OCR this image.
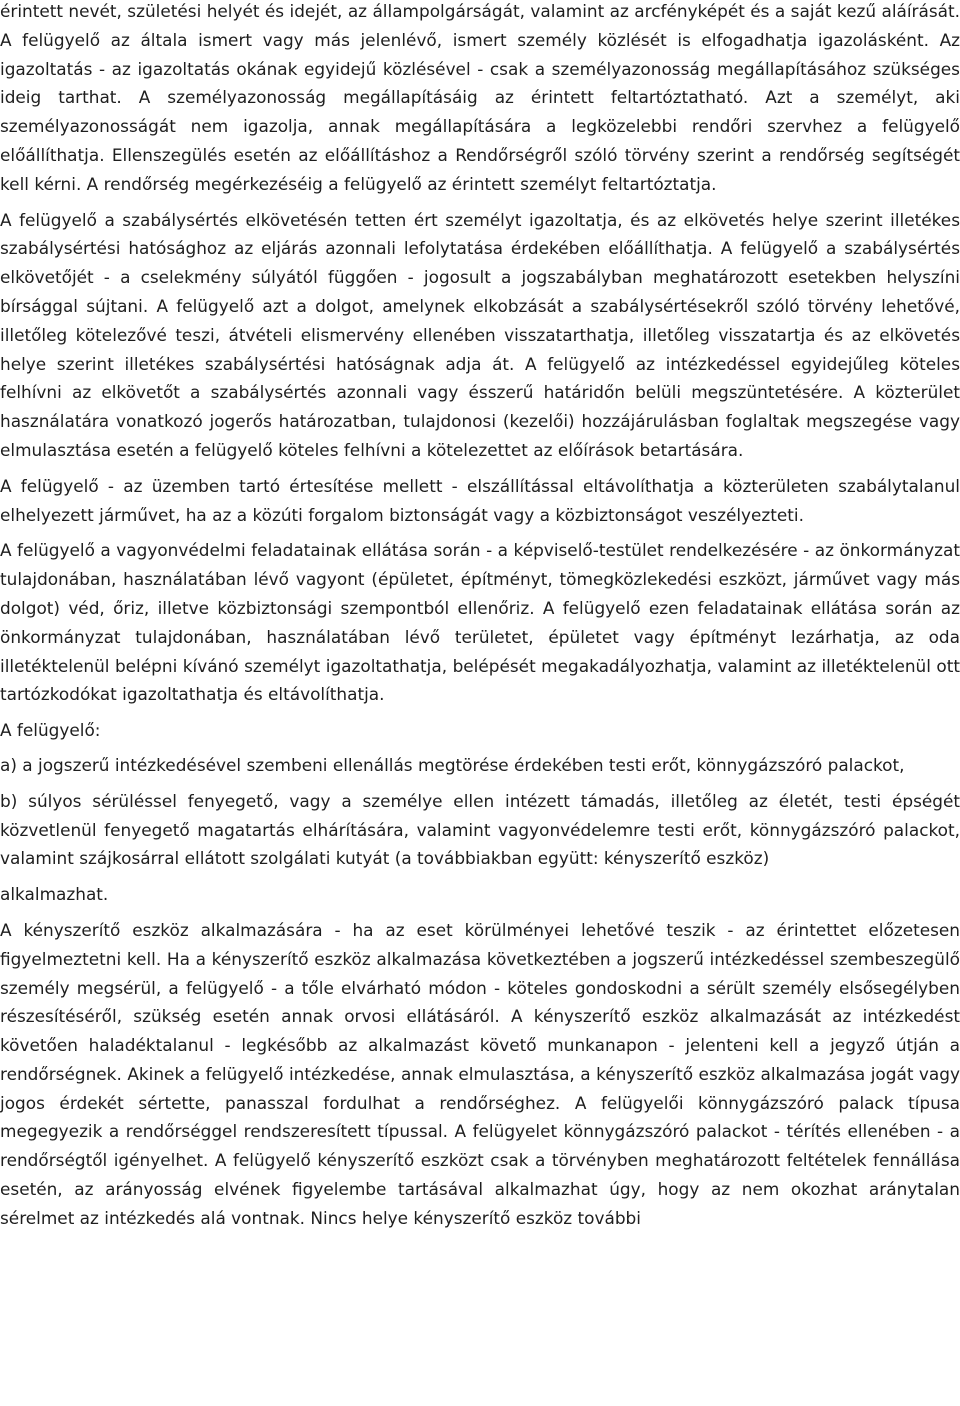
érintett nevét, születési helyét és idejét, az állampolgárságát, valamint az arcfényképét és a saját kezű aláírását. A felügyelő az általa ismert vagy más jelenlévő, ismert személy közlését is elfogadhatja igazolásként. Az igazoltatás - az igazoltatás okának egyidejű közlésével - csak a személyazonosság megállapításához szükséges ideig tarthat. A személyazonosság megállapításáig az érintett feltartóztatható. Azt a személyt, aki személyazonosságát nem igazolja, annak megállapítására a legközelebbi rendőri szervhez a felügyelő előállíthatja. Ellenszegülés esetén az előállításhoz a Rendőrségről szóló törvény szerint a rendőrség segítségét kell kérni. A rendőrség megérkezéséig a felügyelő az érintett személyt feltartóztatja.

A felügyelő a szabálysértés elkövetésén tetten ért személyt igazoltatja, és az elkövetés helye szerint illetékes szabálysértési hatósághoz az eljárás azonnali lefolytatása érdekében előállíthatja. A felügyelő a szabálysértés elkövetőjét - a cselekmény súlyától függően - jogosult a jogszabályban meghatározott esetekben helyszíni bírsággal sújtani. A felügyelő azt a dolgot, amelynek elkobzását a szabálysértésekről szóló törvény lehetővé, illetőleg kötelezővé teszi, átvételi elismervény ellenében visszatarthatja, illetőleg visszatartja és az elkövetés helye szerint illetékes szabálysértési hatóságnak adja át. A felügyelő az intézkedéssel egyidejűleg köteles felhívni az elkövetőt a szabálysértés azonnali vagy ésszerű határidőn belüli megszüntetésére. A közterület használatára vonatkozó jogerős határozatban, tulajdonosi (kezelői) hozzájárulásban foglaltak megszegése vagy elmulasztása esetén a felügyelő köteles felhívni a kötelezettet az előírások betartására.

A felügyelő - az üzemben tartó értesítése mellett - elszállítással eltávolíthatja a közterületen szabálytalanul elhelyezett járművet, ha az a közúti forgalom biztonságát vagy a közbiztonságot veszélyezteti.

A felügyelő a vagyonvédelmi feladatainak ellátása során - a képviselő-testület rendelkezésére - az önkormányzat tulajdonában, használatában lévő vagyont (épületet, építményt, tömegközlekedési eszközt, járművet vagy más dolgot) véd, őriz, illetve közbiztonsági szempontból ellenőriz. A felügyelő ezen feladatainak ellátása során az önkormányzat tulajdonában, használatában lévő területet, épületet vagy építményt lezárhatja, az oda illetéktelenül belépni kívánó személyt igazoltathatja, belépését megakadályozhatja, valamint az illetéktelenül ott tartózkodókat igazoltathatja és eltávolíthatja.

A felügyelő:

a) a jogszerű intézkedésével szembeni ellenállás megtörése érdekében testi erőt, könnygázszóró palackot,

b) súlyos sérüléssel fenyegető, vagy a személye ellen intézett támadás, illetőleg az életét, testi épségét közvetlenül fenyegető magatartás elhárítására, valamint vagyonvédelemre testi erőt, könnygázszóró palackot, valamint szájkosárral ellátott szolgálati kutyát (a továbbiakban együtt: kényszerítő eszköz)

alkalmazhat.

A kényszerítő eszköz alkalmazására - ha az eset körülményei lehetővé teszik - az érintettet előzetesen figyelmeztetni kell. Ha a kényszerítő eszköz alkalmazása következtében a jogszerű intézkedéssel szembeszegülő személy megsérül, a felügyelő - a tőle elvárható módon - köteles gondoskodni a sérült személy elsősegélyben részesítéséről, szükség esetén annak orvosi ellátásáról. A kényszerítő eszköz alkalmazását az intézkedést követően haladéktalanul - legkésőbb az alkalmazást követő munkanapon - jelenteni kell a jegyző útján a rendőrségnek. Akinek a felügyelő intézkedése, annak elmulasztása, a kényszerítő eszköz alkalmazása jogát vagy jogos érdekét sértette, panasszal fordulhat a rendőrséghez. A felügyelői könnygázszóró palack típusa megegyezik a rendőrséggel rendszeresített típussal. A felügyelet könnygázszóró palackot - térítés ellenében - a rendőrségtől igényelhet. A felügyelő kényszerítő eszközt csak a törvényben meghatározott feltételek fennállása esetén, az arányosság elvének figyelembe tartásával alkalmazhat úgy, hogy az nem okozhat aránytalan sérelmet az intézkedés alá vontnak. Nincs helye kényszerítő eszköz további
